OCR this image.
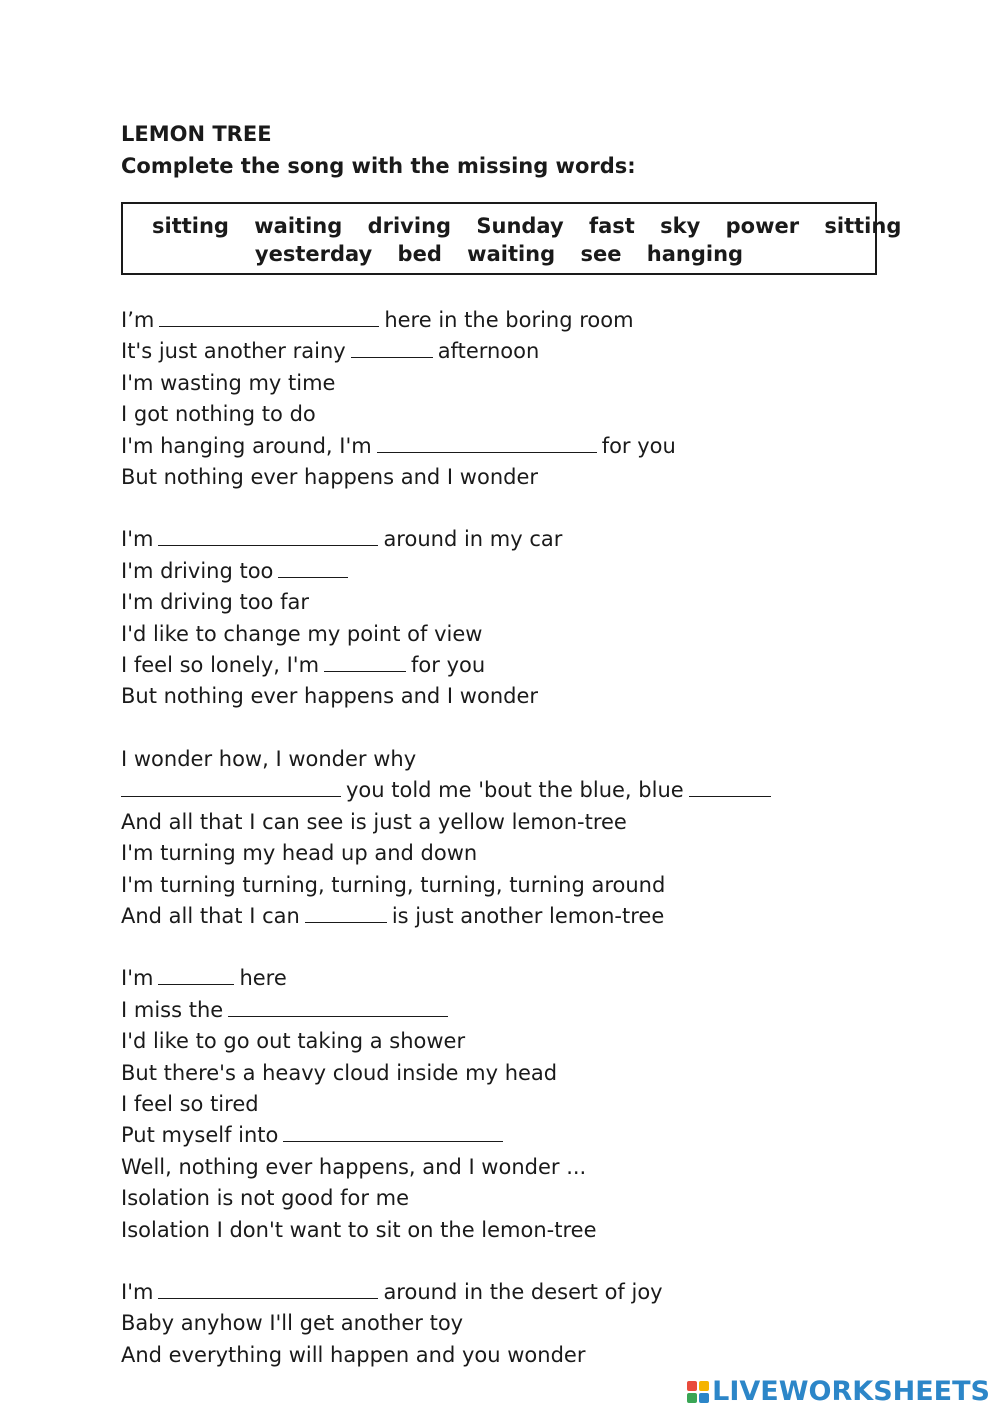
LEMON TREE

Complete the song with the missing words:

sitting waiting driving Sunday fast sky power sitting
yesterday bed waiting see hanging
I’m	here in the boring room
It's just another rainy	afternoon
I'm wasting my time
I got nothing to do
I'm hanging around, I'm	for you
But nothing ever happens and I wonder
I'm	around in my car
I'm driving too
I'm driving too far
I'd like to change my point of view
I feel so lonely, I'm	for you
But nothing ever happens and I wonder
I wonder how, I wonder why
you told me 'bout the blue, blue
And all that I can see is just a yellow lemon-tree
I'm turning my head up and down
I'm turning turning, turning, turning, turning around
And all that I can	is just another lemon-tree
I'm	here
I miss the
I'd like to go out taking a shower
But there's a heavy cloud inside my head
I feel so tired
Put myself into
Well, nothing ever happens, and I wonder ...
Isolation is not good for me
Isolation I don't want to sit on the lemon-tree
I'm	around in the desert of joy
Baby anyhow I'll get another toy
And everything will happen and you wonder
LIVEWORKSHEETS
